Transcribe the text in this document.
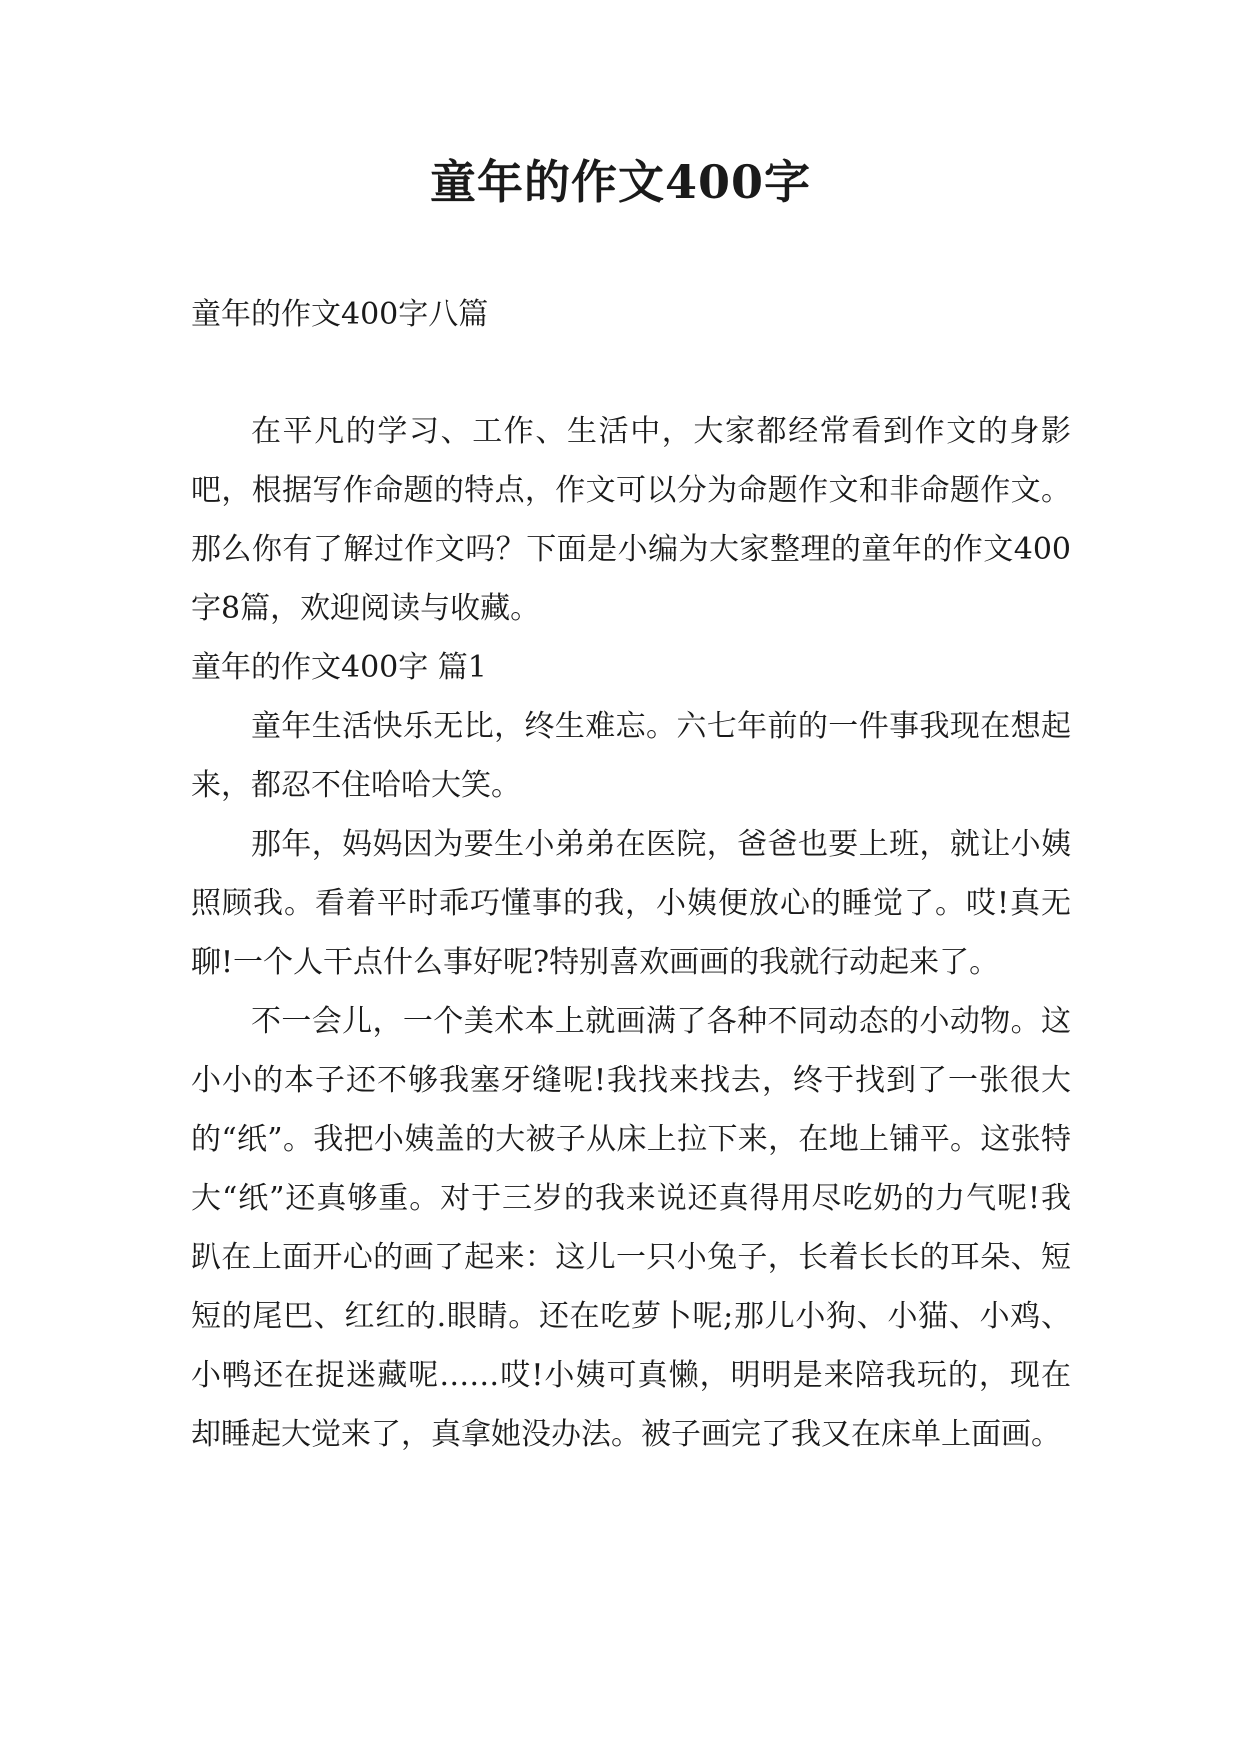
童年的作文400字

童年的作文400字八篇

在平凡的学习、工作、生活中，大家都经常看到作文的身影吧，根据写作命题的特点，作文可以分为命题作文和非命题作文。那么你有了解过作文吗？下面是小编为大家整理的童年的作文400字8篇，欢迎阅读与收藏。

童年的作文400字 篇1

童年生活快乐无比，终生难忘。六七年前的一件事我现在想起来，都忍不住哈哈大笑。

那年，妈妈因为要生小弟弟在医院，爸爸也要上班，就让小姨照顾我。看着平时乖巧懂事的我，小姨便放心的睡觉了。哎!真无聊!一个人干点什么事好呢?特别喜欢画画的我就行动起来了。

不一会儿，一个美术本上就画满了各种不同动态的小动物。这小小的本子还不够我塞牙缝呢!我找来找去，终于找到了一张很大的“纸”。我把小姨盖的大被子从床上拉下来，在地上铺平。这张特大“纸”还真够重。对于三岁的我来说还真得用尽吃奶的力气呢!我趴在上面开心的画了起来：这儿一只小兔子，长着长长的耳朵、短短的尾巴、红红的.眼睛。还在吃萝卜呢;那儿小狗、小猫、小鸡、小鸭还在捉迷藏呢……哎!小姨可真懒，明明是来陪我玩的，现在却睡起大觉来了，真拿她没办法。被子画完了我又在床单上面画。
